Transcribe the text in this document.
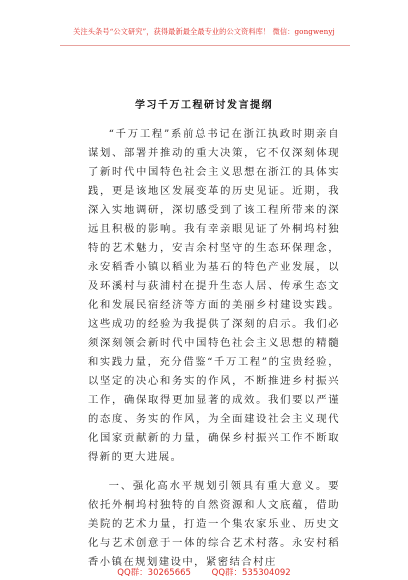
关注头条号“公文研究”，获得最新最全最专业的公文资料库！ 微信：gongwenyj
学习千万工程研讨发言提纲

“千万工程”系前总书记在浙江执政时期亲自谋划、部署并推动的重大决策，它不仅深刻体现了新时代中国特色社会主义思想在浙江的具体实践，更是该地区发展变革的历史见证。近期，我深入实地调研，深切感受到了该工程所带来的深远且积极的影响。我有幸亲眼见证了外桐坞村独特的艺术魅力，安吉余村坚守的生态环保理念，永安稻香小镇以稻业为基石的特色产业发展，以及环溪村与荻浦村在提升生态人居、传承生态文化和发展民宿经济等方面的美丽乡村建设实践。这些成功的经验为我提供了深刻的启示。我们必须深刻领会新时代中国特色社会主义思想的精髓和实践力量，充分借鉴“千万工程”的宝贵经验，以坚定的决心和务实的作风，不断推进乡村振兴工作，确保取得更加显著的成效。我们要以严谨的态度、务实的作风，为全面建设社会主义现代化国家贡献新的力量，确保乡村振兴工作不断取得新的更大进展。

一、强化高水平规划引领具有重大意义。要依托外桐坞村独特的自然资源和人文底蕴，借助美院的艺术力量，打造一个集农家乐业、历史文化与艺术创意于一体的综合艺术村落。永安村稻香小镇在规划建设中，紧密结合村庄

QQ群：30265665 QQ群：535304092
